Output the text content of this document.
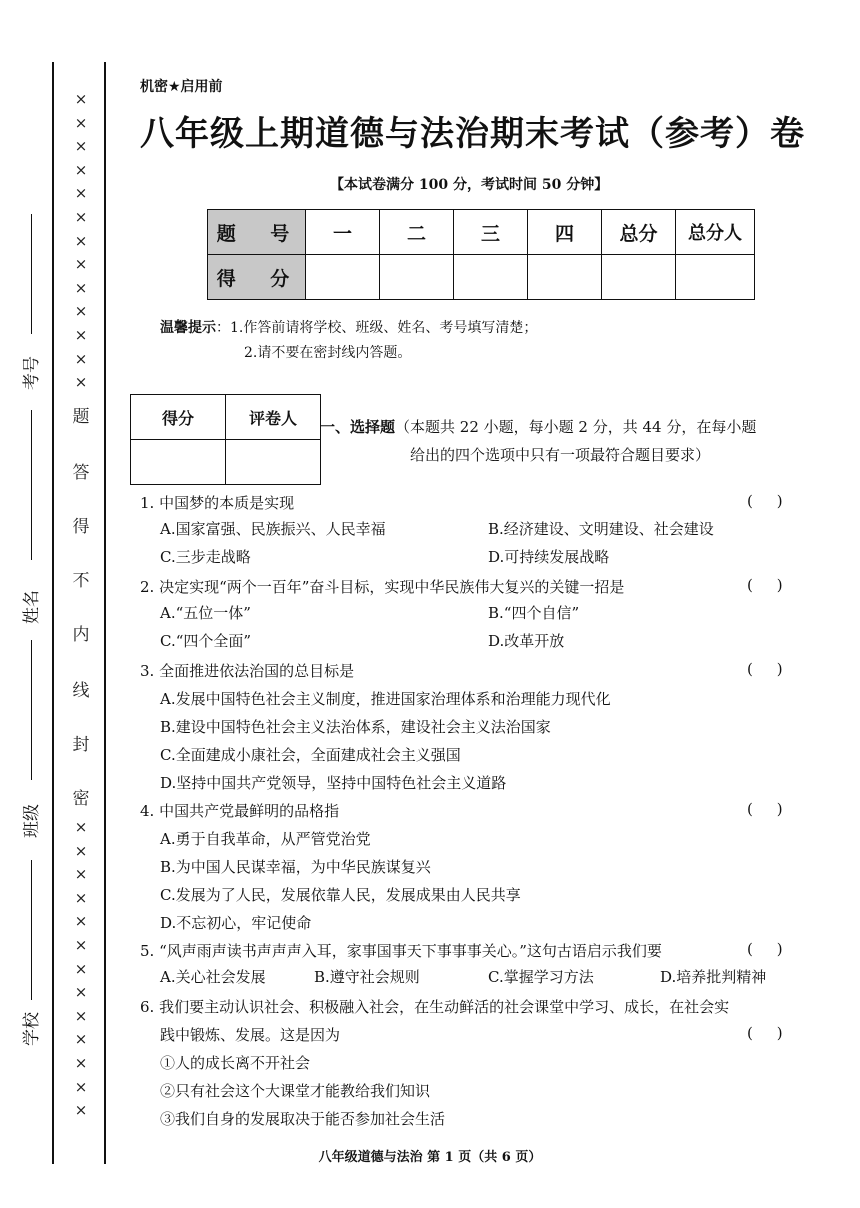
×
×
×
×
×
×
×
×
×
×
×
×
×
×
×
×
×
×
×
×
×
×
×
×
×
×
题
答
得
不
内
线
封
密
考号
姓名
班级
学校
机密★启用前
八年级上期道德与法治期末考试（参考）卷
【本试卷满分 100 分，考试时间 50 分钟】
题 号	一	二	三	四	总分	总分人
得 分						
温馨提示：1.作答前请将学校、班级、姓名、考号填写清楚；
2.请不要在密封线内答题。
得分	评卷人
	一、选择题（本题共 22 小题，每小题 2 分，共 44 分，在每小题
给出的四个选项中只有一项最符合题目要求）
1. 中国梦的本质是实现	(     )
A.国家富强、民族振兴、人民幸福	B.经济建设、文明建设、社会建设
C.三步走战略	D.可持续发展战略
2. 决定实现“两个一百年”奋斗目标，实现中华民族伟大复兴的关键一招是	(     )
A.“五位一体”	B.“四个自信”
C.“四个全面”	D.改革开放
3. 全面推进依法治国的总目标是	(     )
A.发展中国特色社会主义制度，推进国家治理体系和治理能力现代化
B.建设中国特色社会主义法治体系，建设社会主义法治国家
C.全面建成小康社会，全面建成社会主义强国
D.坚持中国共产党领导，坚持中国特色社会主义道路
4. 中国共产党最鲜明的品格指	(     )
A.勇于自我革命，从严管党治党
B.为中国人民谋幸福，为中华民族谋复兴
C.发展为了人民，发展依靠人民，发展成果由人民共享
D.不忘初心，牢记使命
5. “风声雨声读书声声声入耳，家事国事天下事事事关心。”这句古语启示我们要	(     )
A.关心社会发展	B.遵守社会规则	C.掌握学习方法	D.培养批判精神
6. 我们要主动认识社会、积极融入社会，在生动鲜活的社会课堂中学习、成长，在社会实
践中锻炼、发展。这是因为	(     )
①人的成长离不开社会
②只有社会这个大课堂才能教给我们知识
③我们自身的发展取决于能否参加社会生活
八年级道德与法治 第 1 页（共 6 页）
